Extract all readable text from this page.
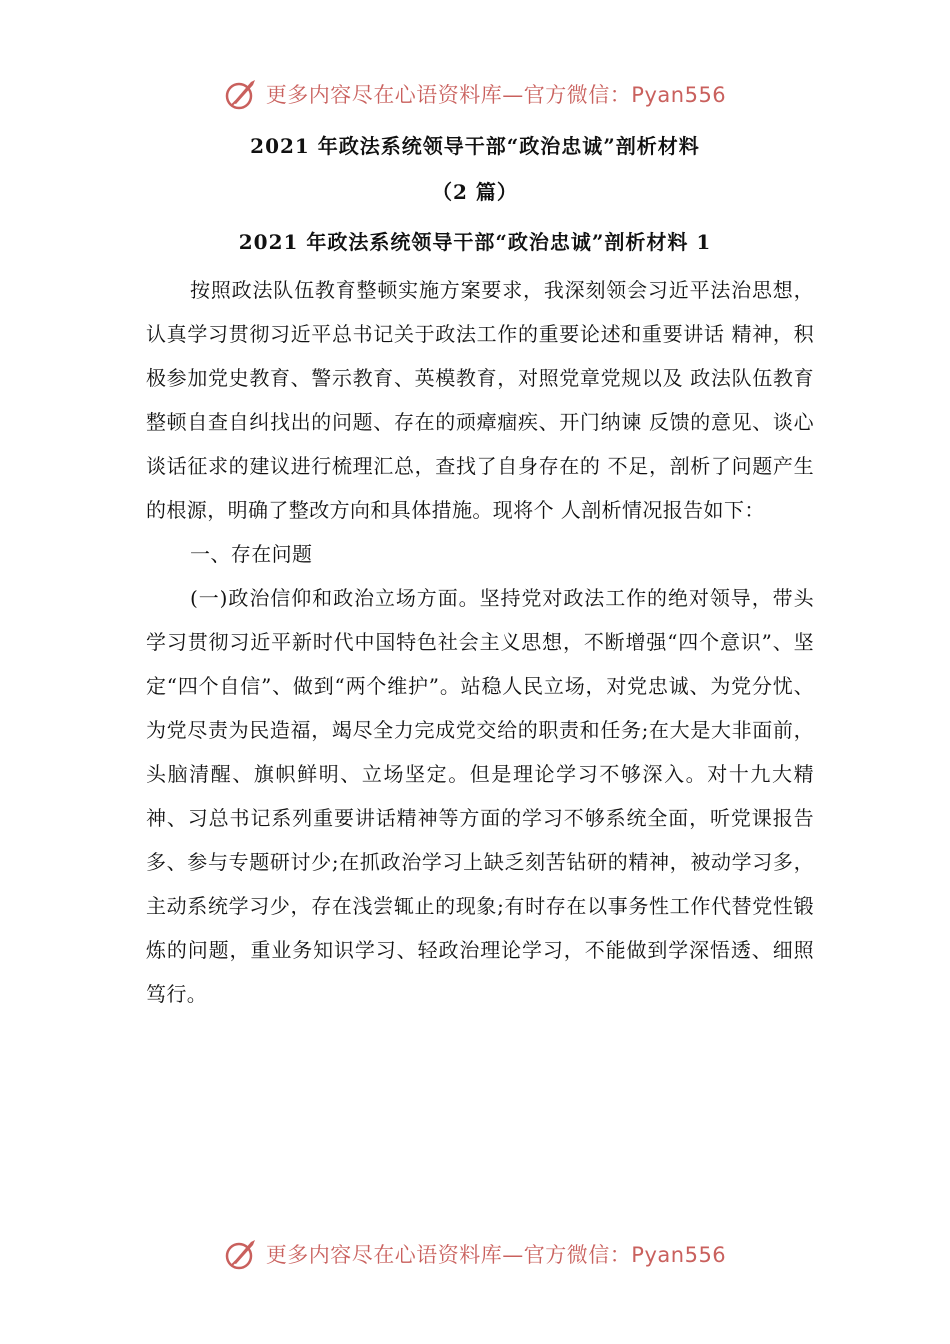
更多内容尽在心语资料库—官方微信：Pyan556
2021 年政法系统领导干部“政治忠诚”剖析材料
（2 篇）
2021 年政法系统领导干部“政治忠诚”剖析材料 1

按照政法队伍教育整顿实施方案要求，我深刻领会习近平法治思想，认真学习贯彻习近平总书记关于政法工作的重要论述和重要讲话 精神，积极参加党史教育、警示教育、英模教育，对照党章党规以及 政法队伍教育整顿自查自纠找出的问题、存在的顽瘴痼疾、开门纳谏 反馈的意见、谈心谈话征求的建议进行梳理汇总，查找了自身存在的 不足，剖析了问题产生的根源，明确了整改方向和具体措施。现将个 人剖析情况报告如下：

一、存在问题

(一)政治信仰和政治立场方面。坚持党对政法工作的绝对领导，带头学习贯彻习近平新时代中国特色社会主义思想，不断增强“四个意识”、坚定“四个自信”、做到“两个维护”。站稳人民立场，对党忠诚、为党分忧、为党尽责为民造福，竭尽全力完成党交给的职责和任务;在大是大非面前，头脑清醒、旗帜鲜明、立场坚定。但是理论学习不够深入。对十九大精神、习总书记系列重要讲话精神等方面的学习不够系统全面，听党课报告多、参与专题研讨少;在抓政治学习上缺乏刻苦钻研的精神，被动学习多，主动系统学习少，存在浅尝辄止的现象;有时存在以事务性工作代替党性锻炼的问题，重业务知识学习、轻政治理论学习，不能做到学深悟透、细照笃行。

更多内容尽在心语资料库—官方微信：Pyan556
